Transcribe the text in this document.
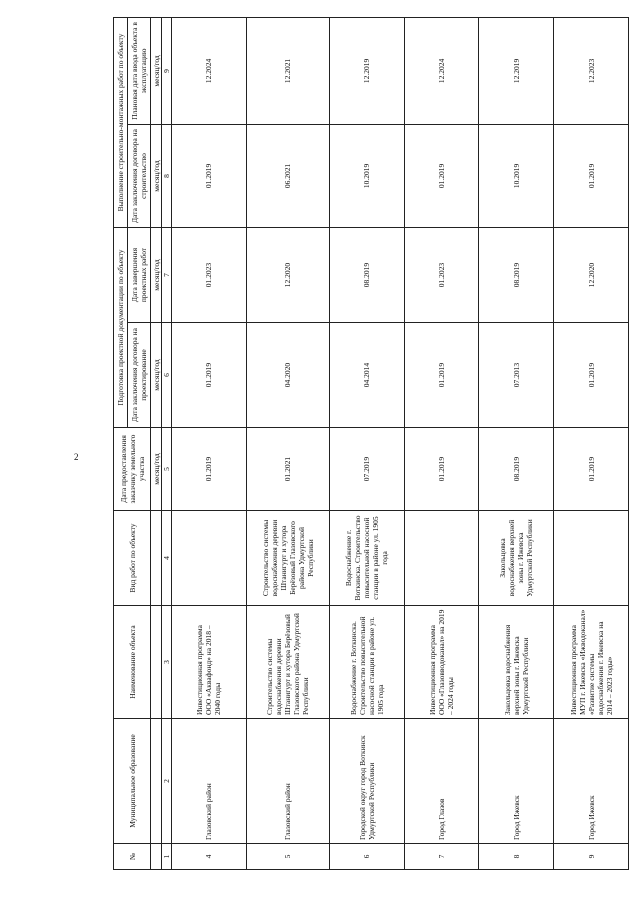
2
№	Муниципальное образование	Наименование объекта	Вид работ по объекту	Дата предоставления заказчику земельного участка	Подготовка проектной документации по объекту		Выполнение строительно-монтажных работ по объекту	
					Дата заключения договора на проектирование	Дата завершения проектных работ	Дата заключения договора на строительство	Плановая дата ввода объекта в эксплуатацию
				месяц/год	месяц/год	месяц/год	месяц/год	месяц/год
1	2	3	4	5	6	7	8	9
4	Глазовский район	Инвестиционная программа ООО «Аквафонд» на 2018 – 2040 годы		01.2019	01.2019	01.2023	01.2019	12.2024
5	Глазовский район	Строительство системы водоснабжения деревни Штанигурт и хутора Берёзовый Глазовского района Удмуртской Республики	Строительство системы водоснабжения деревни Штанигурт и хутора Берёзовый Глазовского района Удмуртской Республики	01.2021	04.2020	12.2020	06.2021	12.2021
6	Городской округ город Воткинск Удмуртской Республики	Водоснабжение г. Воткинска. Строительство повысительной насосной станции в районе ул. 1905 года	Водоснабжение г. Воткинска. Строительство повысительной насосной станции в районе ул. 1905 года	07.2019	04.2014	08.2019	10.2019	12.2019
7	Город Глазов	Инвестиционная программа ООО «Глазовводоканал» на 2019 – 2024 годы		01.2019	01.2019	01.2023	01.2019	12.2024
8	Город Ижевск	Закольцовка водоснабжения верхней зоны г. Ижевска Удмуртской Республики	Закольцовка водоснабжения верхней зоны г. Ижевска Удмуртской Республики	08.2019	07.2013	08.2019	10.2019	12.2019
9	Город Ижевск	Инвестиционная программа МУП г. Ижевска «Ижводоканал» «Развитие системы водоснабжения г. Ижевска на 2014 – 2023 годы»		01.2019	01.2019	12.2020	01.2019	12.2023
